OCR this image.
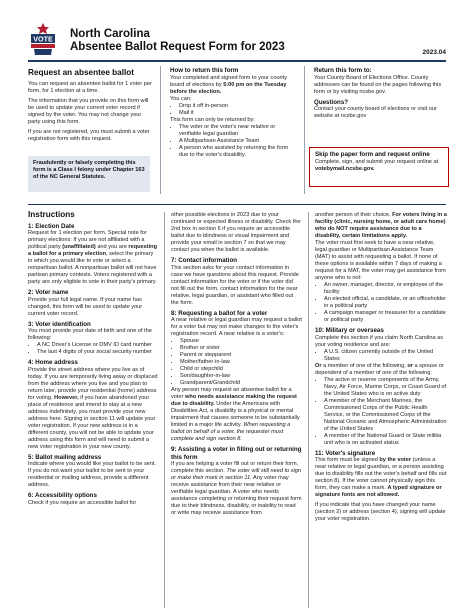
VOTE North Carolina
Absentee Ballot Request Form for 2023	2023.04
Request an absentee ballot

You can request an absentee ballot for 1 voter per form, for 1 election at a time.

The information that you provide on this form will be used to update your current voter record if signed by the voter. You may not change your party using this form.

If you are not registered, you must submit a voter registration form with this request.

Fraudulently or falsely completing this form is a Class I felony under Chapter 163 of the NC General Statutes.

How to return this form

Your completed and signed form to your county board of elections by 5:00 pm on the Tuesday before the election.

You can:

• Drop it off in-person
• Mail it

This form can only be returned by:

• The voter or the voter's near relative or verifiable legal guardian
• A Multipartisan Assistance Team
• A person who assisted by returning the form due to the voter's disability.
Return this form to:

Your County Board of Elections Office. County addresses can be found on the pages following this form or by visiting ncsbe.gov.

Questions?

Contact your county board of elections or visit our website at ncsbe.gov

Skip the paper form and request online

Complete, sign, and submit your request online at votebymail.ncsbe.gov.

Instructions
1: Election Date

Request for 1 election per form. Special note for primary elections: If you are not affiliated with a political party (unaffiliated) and you are requesting a ballot for a primary election, select the primary in which you would like to vote or select a nonpartisan ballot. A nonpartisan ballot will not have partisan primary contests. Voters registered with a party are only eligible to vote in their party's primary.

2: Voter name

Provide your full legal name. If your name has changed, this form will be used to update your current voter record.

3: Voter identification

You must provide your date of birth and one of the following:

• A NC Driver's License or DMV ID card number
• The last 4 digits of your social security number
4: Home address

Provide the street address where you live as of today. If you are temporarily living away or displaced from the address where you live and you plan to return later, provide your residential (home) address for voting. However, if you have abandoned your place of residence and intend to stay at a new address indefinitely, you must provide your new address here. Signing in section 11 will update your voter registration. If your new address is in a different county, you will not be able to update your address using this form and will need to submit a new voter registration in your new county.

5: Ballot mailing address

Indicate where you would like your ballot to be sent. If you do not want your ballot to be sent to your residential or mailing address, provide a different address.

6: Accessibility options

Check if you require an accessible ballot for

other possible elections in 2023 due to your continued or expected illness or disability. Check the 2nd box in section 6 if you require an accessible ballot due to blindness or visual impairment and provide your email in section 7 so that we may contact you when the ballot is available.

7: Contact information

This section asks for your contact information in case we have questions about this request. Provide contact information for the voter or if the voter did not fill out the form, contact information for the near relative, legal guardian, or assistant who filled out the form.

8: Requesting a ballot for a voter

A near relative or legal guardian may request a ballot for a voter but may not make changes to the voter's registration record. A near relative is a voter's:

• Spouse
• Brother or sister
• Parent or stepparent
• Mother/father-in-law
• Child or stepchild
• Son/daughter-in-law
• Grandparent/Grandchild

Any person may request an absentee ballot for a voter who needs assistance making the request due to disability. Under the Americans with Disabilities Act, a disability is a physical or mental impairment that causes someone to be substantially limited in a major life activity. When requesting a ballot on behalf of a voter, the requester must complete and sign section 8.

9: Assisting a voter in filling out or returning this form

If you are helping a voter fill out or return their form, complete this section. The voter will still need to sign or make their mark in section 11. Any voter may receive assistance from their near relative or verifiable legal guardian. A voter who needs assistance completing or returning their request form due to their blindness, disability, or inability to read or write may receive assistance from

another person of their choice. For voters living in a facility (clinic, nursing home, or adult care home) who do NOT require assistance due to a disability, certain limitations apply.

The voter must first seek to have a near relative, legal guardian or Multipartisan Assistance Team (MAT) to assist with requesting a ballot. If none of these options is available within 7 days of making a request for a MAT, the voter may get assistance from anyone who is not:

• An owner, manager, director, or employee of the facility
• An elected official, a candidate, or an officeholder in a political party
• A campaign manager or treasurer for a candidate or political party
10: Military or overseas

Complete this section if you claim North Carolina as your voting residence and are:

• A U.S. citizen currently outside of the United States

Or a member of one of the following, or a spouse or dependent of a member of one of the following:

• The active or reserve components of the Army, Navy, Air Force, Marine Corps, or Coast Guard of the United States who is on active duty
• A member of the Merchant Marines, the Commissioned Corps of the Public Health Service, or the Commissioned Corps of the National Oceanic and Atmospheric Administration of the United States
• A member of the National Guard or State militia unit who is on activated status
11: Voter's signature

This form must be signed by the voter (unless a near relative or legal guardian, or a person assisting due to disability fills out the voter's behalf and fills out section 8). If the voter cannot physically sign this form, they can make a mark. A typed signature or signature fonts are not allowed.

If you indicate that you have changed your name (section 2) or address (section 4), signing will update your voter registration.
